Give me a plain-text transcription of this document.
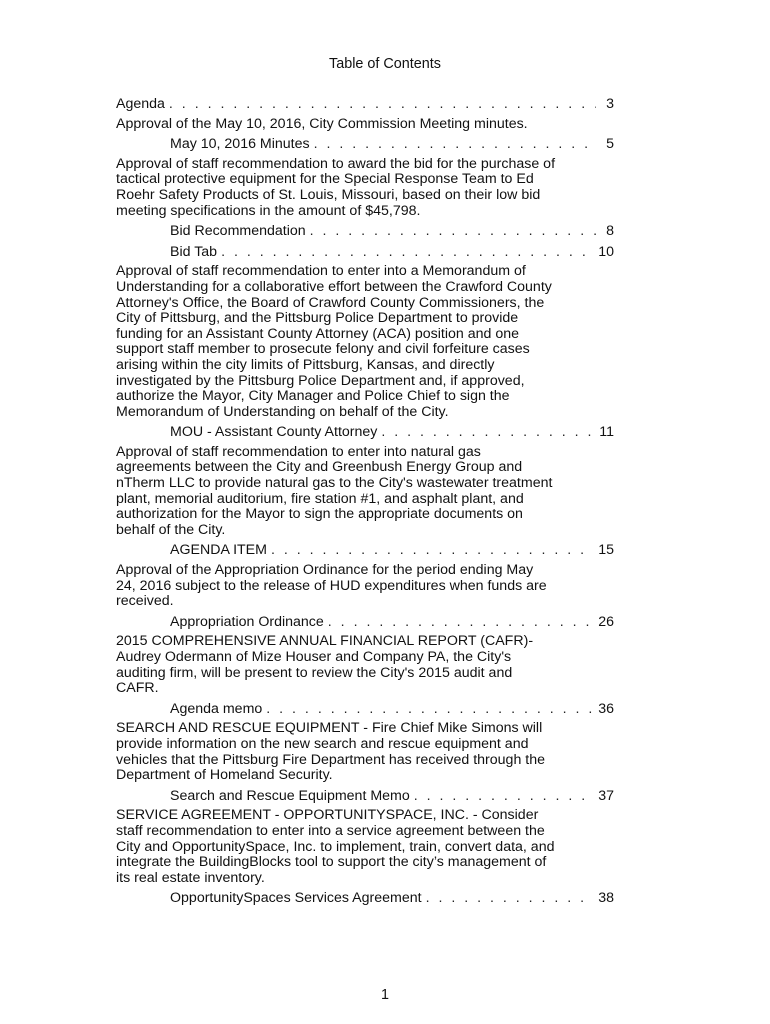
Table of Contents
Agenda . . .	3
Approval of the May 10, 2016, City Commission Meeting minutes.
May 10, 2016 Minutes . . .	5
Approval of staff recommendation to award the bid for the purchase of tactical protective equipment for the Special Response Team to Ed Roehr Safety Products of St. Louis, Missouri, based on their low bid meeting specifications in the amount of $45,798.
Bid Recommendation . . .	8
Bid Tab . . .	10
Approval of staff recommendation to enter into a Memorandum of Understanding for a collaborative effort between the Crawford County Attorney's Office, the Board of Crawford County Commissioners, the City of Pittsburg, and the Pittsburg Police Department to provide funding for an Assistant County Attorney (ACA) position and one support staff member to prosecute felony and civil forfeiture cases arising within the city limits of Pittsburg, Kansas, and directly investigated by the Pittsburg Police Department and, if approved, authorize the Mayor, City Manager and Police Chief to sign the Memorandum of Understanding on behalf of the City.
MOU - Assistant County Attorney . . .	11
Approval of staff recommendation to enter into natural gas agreements between the City and Greenbush Energy Group and nTherm LLC to provide natural gas to the City's wastewater treatment plant, memorial auditorium, fire station #1, and asphalt plant, and authorization for the Mayor to sign the appropriate documents on behalf of the City.
AGENDA ITEM . . .	15
Approval of the Appropriation Ordinance for the period ending May 24, 2016 subject to the release of HUD expenditures when funds are received.
Appropriation Ordinance . . .	26
2015 COMPREHENSIVE ANNUAL FINANCIAL REPORT (CAFR)- Audrey Odermann of Mize Houser and Company PA, the City's auditing firm, will be present to review the City's 2015 audit and CAFR.
Agenda memo . . .	36
SEARCH AND RESCUE EQUIPMENT - Fire Chief Mike Simons will provide information on the new search and rescue equipment and vehicles that the Pittsburg Fire Department has received through the Department of Homeland Security.
Search and Rescue Equipment Memo . . .	37
SERVICE AGREEMENT - OPPORTUNITYSPACE, INC. - Consider staff recommendation to enter into a service agreement between the City and OpportunitySpace, Inc. to implement, train, convert data, and integrate the BuildingBlocks tool to support the city’s management of its real estate inventory.
OpportunitySpaces Services Agreement . . .	38
1
